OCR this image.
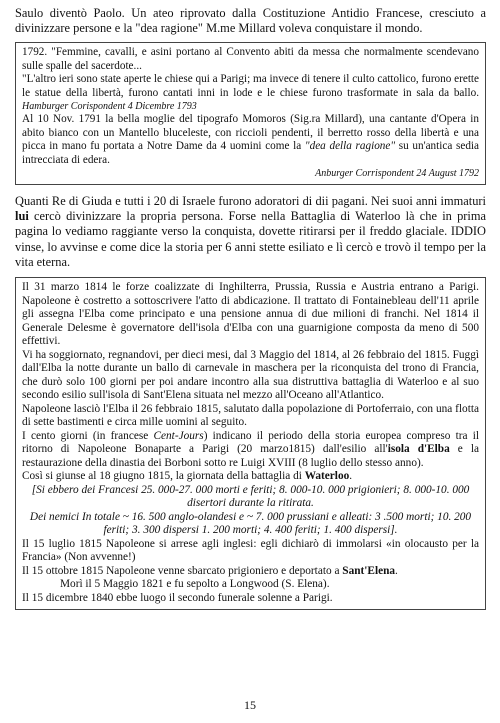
Saulo diventò Paolo. Un ateo riprovato dalla Costituzione Antidio Francese, cresciuto a divinizzare persone e la "dea ragione" M.me Millard voleva conquistare il mondo.

1792. "Femmine, cavalli, e asini portano al Convento abiti da messa che normalmente scendevano sulle spalle del sacerdote...

"L'altro ieri sono state aperte le chiese qui a Parigi; ma invece di tenere il culto cattolico, furono erette le statue della libertà, furono cantati inni in lode e le chiese furono trasformate in sala da ballo. Hamburger Corispondent 4 Dicembre 1793

Al 10 Nov. 1791 la bella moglie del tipografo Momoros (Sig.ra Millard), una cantante d'Opera in abito bianco con un Mantello bluceleste, con riccioli pendenti, il berretto rosso della libertà e una picca in mano fu portata a Notre Dame da 4 uomini come la "dea della ragione" su un'antica sedia intrecciata di edera.

Anburger Corrispondent 24 August 1792

Quanti Re di Giuda e tutti i 20 di Israele furono adoratori di dii pagani. Nei suoi anni immaturi lui cercò divinizzare la propria persona. Forse nella Battaglia di Waterloo là che in prima pagina lo vediamo raggiante verso la conquista, dovette ritirarsi per il freddo glaciale. IDDIO vinse, lo avvinse e come dice la storia per 6 anni stette esiliato e lì cercò e trovò il tempo per la vita eterna.

Il 31 marzo 1814 le forze coalizzate di Inghilterra, Prussia, Russia e Austria entrano a Parigi. Napoleone è costretto a sottoscrivere l'atto di abdicazione. Il trattato di Fontainebleau dell'11 aprile gli assegna l'Elba come principato e una pensione annua di due milioni di franchi. Nel 1814 il Generale Delesme è governatore dell'isola d'Elba con una guarnigione composta da meno di 500 effettivi.

Vi ha soggiornato, regnandovi, per dieci mesi, dal 3 Maggio del 1814, al 26 febbraio del 1815. Fuggì dall'Elba la notte durante un ballo di carnevale in maschera per la riconquista del trono di Francia, che durò solo 100 giorni per poi andare incontro alla sua distruttiva battaglia di Waterloo e al suo secondo esilio sull'isola di Sant'Elena situata nel mezzo all'Oceano all'Atlantico.

Napoleone lasciò l'Elba il 26 febbraio 1815, salutato dalla popolazione di Portoferraio, con una flotta di sette bastimenti e circa mille uomini al seguito.

I cento giorni (in francese Cent-Jours) indicano il periodo della storia europea compreso tra il ritorno di Napoleone Bonaparte a Parigi (20 marzo1815) dall'esilio all'isola d'Elba e la restaurazione della dinastia dei Borboni sotto re Luigi XVIII (8 luglio dello stesso anno).

Così si giunse al 18 giugno 1815, la giornata della battaglia di Waterloo.

[Si ebbero dei Francesi 25. 000-27. 000 morti e feriti; 8. 000-10. 000 prigionieri; 8. 000-10. 000 disertori durante la ritirata.

Dei nemici In totale ~ 16. 500 anglo-olandesi e ~ 7. 000 prussiani e alleati: 3 .500 morti; 10. 200 feriti; 3. 300 dispersi 1. 200 morti; 4. 400 feriti; 1. 400 dispersi].

Il 15 luglio 1815 Napoleone si arrese agli inglesi: egli dichiarò di immolarsi «in olocausto per la Francia» (Non avvenne!)

Il 15 ottobre 1815 Napoleone venne sbarcato prigioniero e deportato a Sant'Elena.

Morì il 5 Maggio 1821 e fu sepolto a Longwood (S. Elena).

Il 15 dicembre 1840 ebbe luogo il secondo funerale solenne a Parigi.

15
